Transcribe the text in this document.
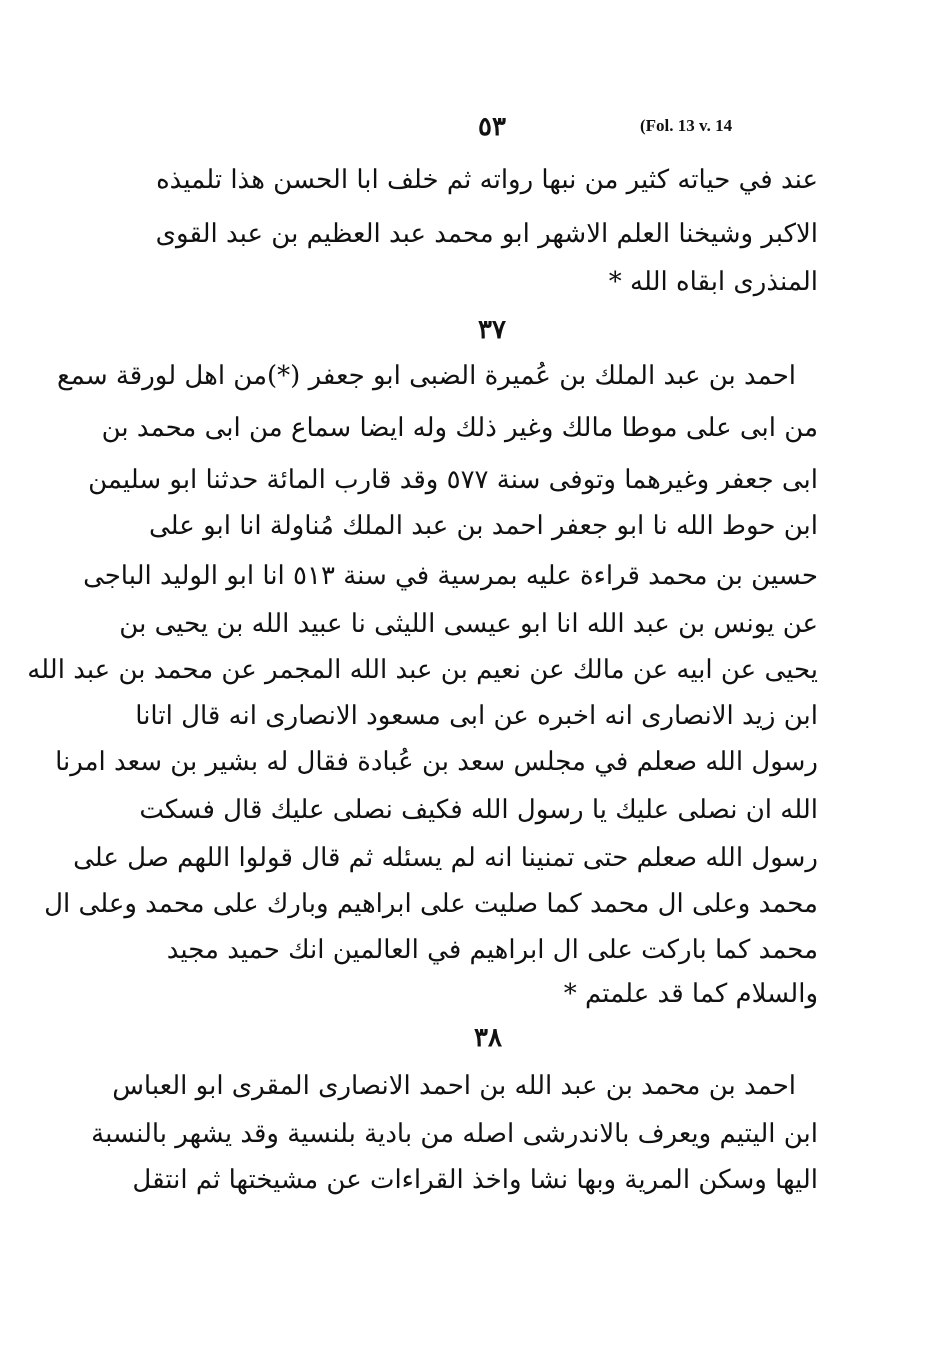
٥٣	(Fol. 13 v. 14
عند في حياته كثير من نبها رواته ثم خلف ابا الحسن هذا تلميذه
الاكبر وشيخنا العلم الاشهر ابو محمد عبد العظيم بن عبد القوى
المنذرى ابقاه الله *
٣٧
احمد بن عبد الملك بن عُميرة الضبى ابو جعفر (*)من اهل لورقة سمع
من ابى على موطا مالك وغير ذلك وله ايضا سماع من ابى محمد بن
ابى جعفر وغيرهما وتوفى سنة ٥٧٧ وقد قارب المائة حدثنا ابو سليمن
ابن حوط الله نا ابو جعفر احمد بن عبد الملك مُناولة انا ابو على
حسين بن محمد قراءة عليه بمرسية في سنة ٥١٣ انا ابو الوليد الباجى
عن يونس بن عبد الله انا ابو عيسى الليثى نا عبيد الله بن يحيى بن
يحيى عن ابيه عن مالك عن نعيم بن عبد الله المجمر عن محمد بن عبد الله
ابن زيد الانصارى انه اخبره عن ابى مسعود الانصارى انه قال اتانا
رسول الله صعلم في مجلس سعد بن عُبادة فقال له بشير بن سعد امرنا
الله ان نصلى عليك يا رسول الله فكيف نصلى عليك قال فسكت
رسول الله صعلم حتى تمنينا انه لم يسئله ثم قال قولوا اللهم صل على
محمد وعلى ال محمد كما صليت على ابراهيم وبارك على محمد وعلى ال
محمد كما باركت على ال ابراهيم في العالمين انك حميد مجيد
والسلام كما قد علمتم *
٣٨
احمد بن محمد بن عبد الله بن احمد الانصارى المقرى ابو العباس
ابن اليتيم ويعرف بالاندرشى اصله من بادية بلنسية وقد يشهر بالنسبة
اليها وسكن المرية وبها نشا واخذ القراءات عن مشيختها ثم انتقل
